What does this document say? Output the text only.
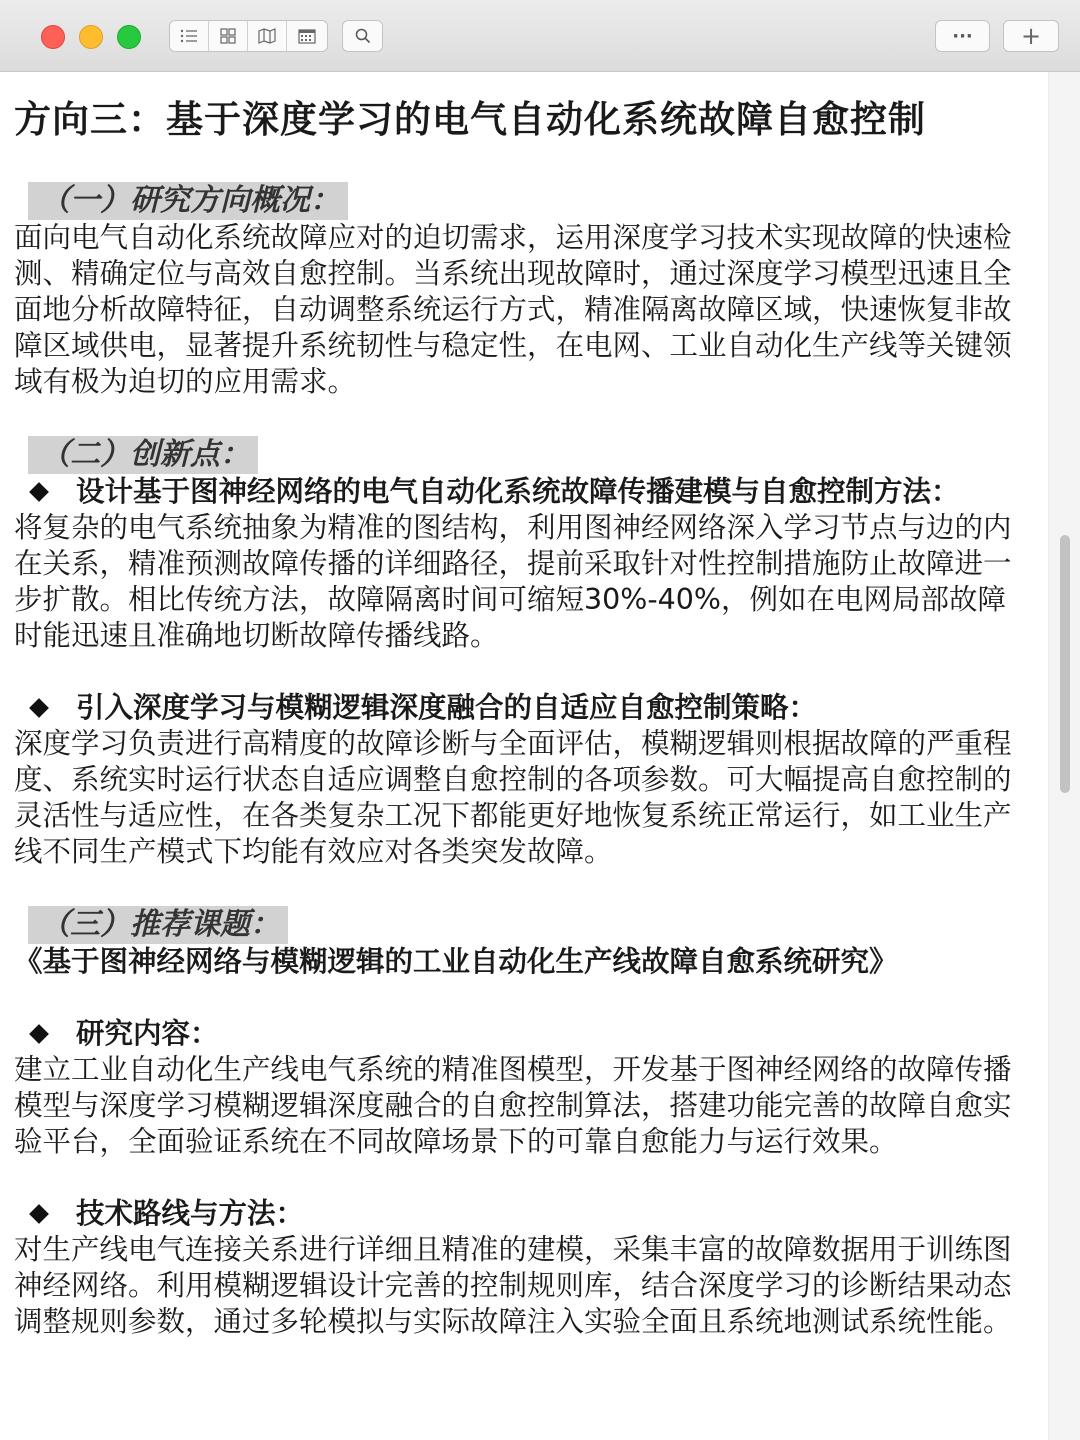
···	+
方向三：基于深度学习的电气自动化系统故障自愈控制
（一）研究方向概况：

面向电气自动化系统故障应对的迫切需求，运用深度学习技术实现故障的快速检测、精确定位与高效自愈控制。当系统出现故障时，通过深度学习模型迅速且全面地分析故障特征，自动调整系统运行方式，精准隔离故障区域，快速恢复非故障区域供电，显著提升系统韧性与稳定性，在电网、工业自动化生产线等关键领域有极为迫切的应用需求。

（二）创新点：
设计基于图神经网络的电气自动化系统故障传播建模与自愈控制方法：

将复杂的电气系统抽象为精准的图结构，利用图神经网络深入学习节点与边的内在关系，精准预测故障传播的详细路径，提前采取针对性控制措施防止故障进一步扩散。相比传统方法，故障隔离时间可缩短30%-40%，例如在电网局部故障时能迅速且准确地切断故障传播线路。

引入深度学习与模糊逻辑深度融合的自适应自愈控制策略：

深度学习负责进行高精度的故障诊断与全面评估，模糊逻辑则根据故障的严重程度、系统实时运行状态自适应调整自愈控制的各项参数。可大幅提高自愈控制的灵活性与适应性，在各类复杂工况下都能更好地恢复系统正常运行，如工业生产线不同生产模式下均能有效应对各类突发故障。

（三）推荐课题：

《基于图神经网络与模糊逻辑的工业自动化生产线故障自愈系统研究》

研究内容：

建立工业自动化生产线电气系统的精准图模型，开发基于图神经网络的故障传播模型与深度学习模糊逻辑深度融合的自愈控制算法，搭建功能完善的故障自愈实验平台，全面验证系统在不同故障场景下的可靠自愈能力与运行效果。

技术路线与方法：

对生产线电气连接关系进行详细且精准的建模，采集丰富的故障数据用于训练图神经网络。利用模糊逻辑设计完善的控制规则库，结合深度学习的诊断结果动态调整规则参数，通过多轮模拟与实际故障注入实验全面且系统地测试系统性能。
